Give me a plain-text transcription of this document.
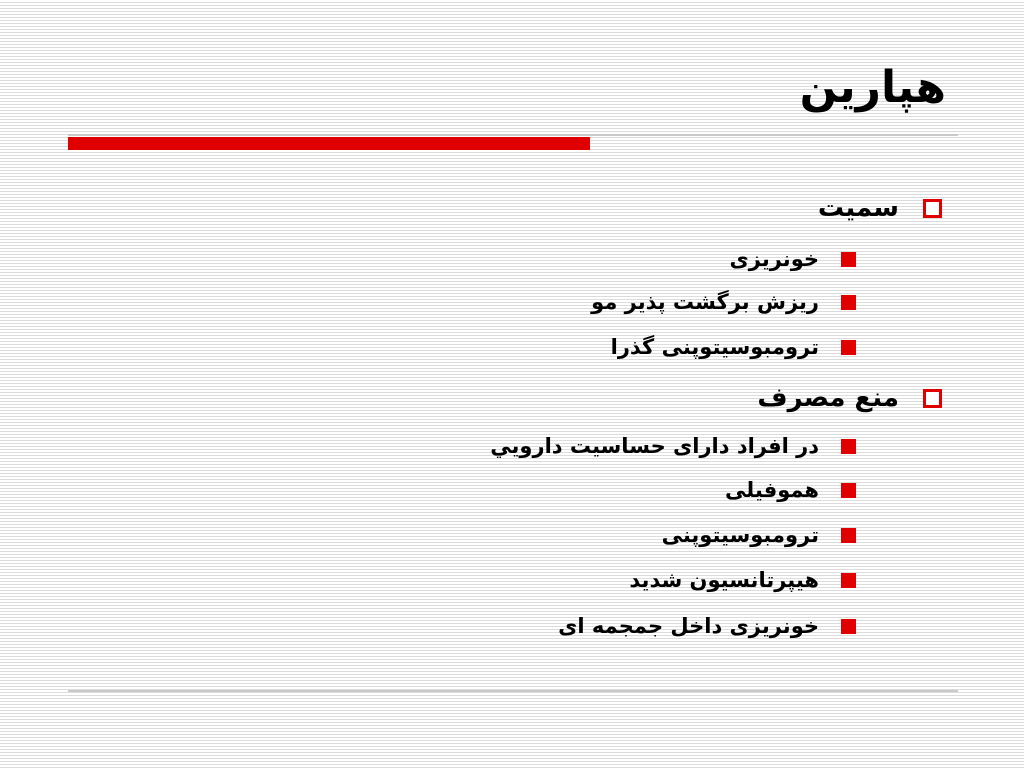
هپارین
سمیت
خونریزی
ریزش برگشت پذیر مو
ترومبوسیتوپنی گذرا
منع مصرف
در افراد دارای حساسیت دارويي
هموفیلی
ترومبوسیتوپنی
هیپرتانسیون شدید
خونریزی داخل جمجمه ای
